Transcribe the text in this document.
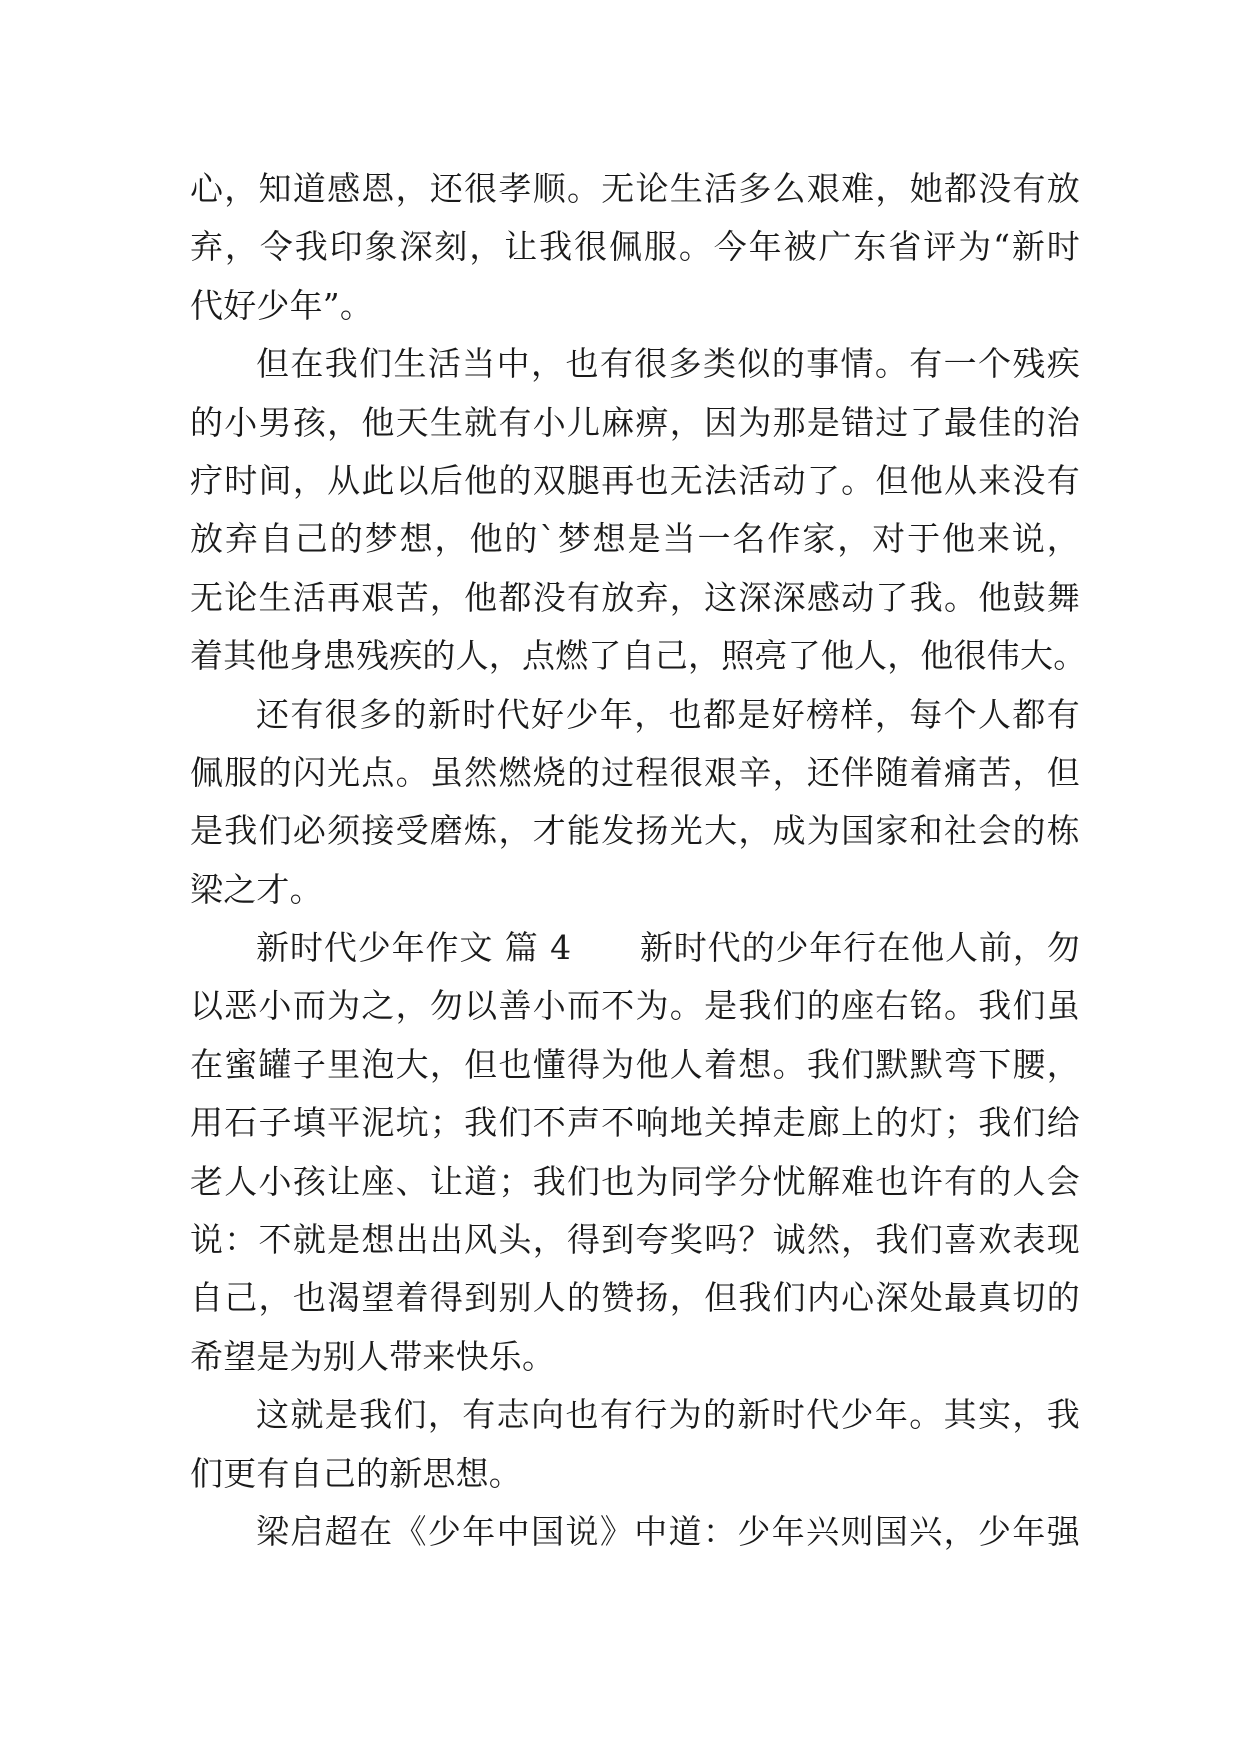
心，知道感恩，还很孝顺。无论生活多么艰难，她都没有放
弃，令我印象深刻，让我很佩服。今年被广东省评为“新时
代好少年”。
但在我们生活当中，也有很多类似的事情。有一个残疾
的小男孩，他天生就有小儿麻痹，因为那是错过了最佳的治
疗时间，从此以后他的双腿再也无法活动了。但他从来没有
放弃自己的梦想，他的`梦想是当一名作家，对于他来说，
无论生活再艰苦，他都没有放弃，这深深感动了我。他鼓舞
着其他身患残疾的人，点燃了自己，照亮了他人，他很伟大。
还有很多的新时代好少年，也都是好榜样，每个人都有
佩服的闪光点。虽然燃烧的过程很艰辛，还伴随着痛苦，但
是我们必须接受磨炼，才能发扬光大，成为国家和社会的栋
梁之才。
新时代少年作文 篇 4　　新时代的少年行在他人前，勿
以恶小而为之，勿以善小而不为。是我们的座右铭。我们虽
在蜜罐子里泡大，但也懂得为他人着想。我们默默弯下腰，
用石子填平泥坑；我们不声不响地关掉走廊上的灯；我们给
老人小孩让座、让道；我们也为同学分忧解难也许有的人会
说：不就是想出出风头，得到夸奖吗？诚然，我们喜欢表现
自己，也渴望着得到别人的赞扬，但我们内心深处最真切的
希望是为别人带来快乐。
这就是我们，有志向也有行为的新时代少年。其实，我
们更有自己的新思想。
梁启超在《少年中国说》中道：少年兴则国兴，少年强
